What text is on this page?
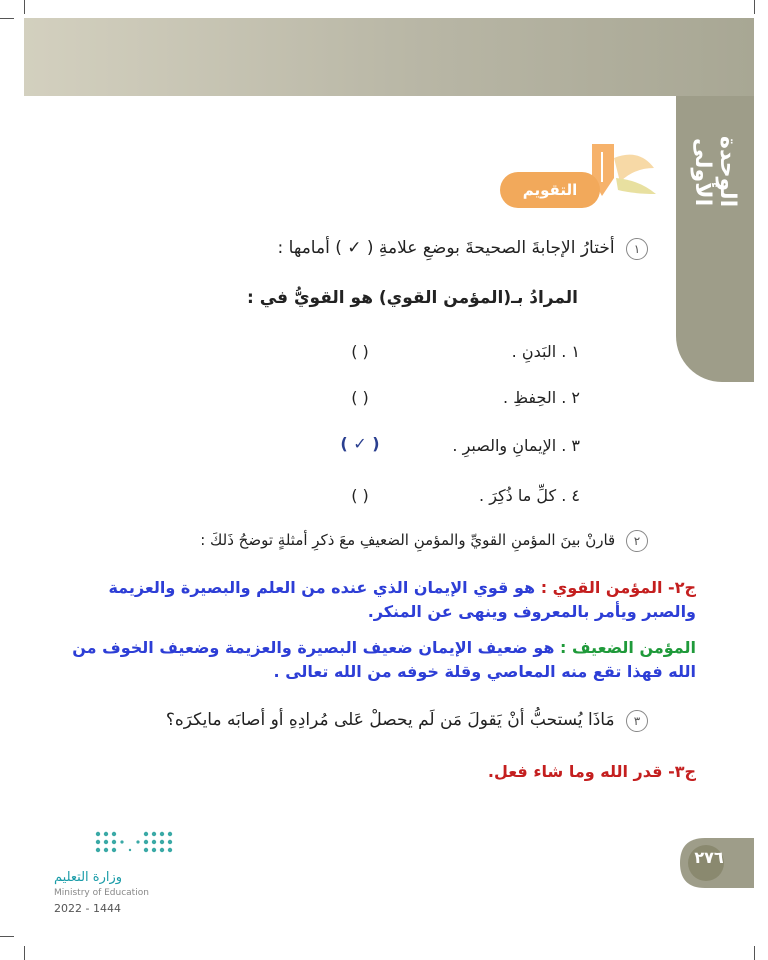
الوحدة الأولى
التقويم
١ أختارُ الإجابةَ الصحيحةَ بوضعِ علامةِ ( ✓ ) أمامها :
المرادُ بـ(المؤمن القوي) هو القويُّ في :
١ . البَدنِ .
( )
٢ . الحِفظِ .
( )
٣ . الإيمانِ والصبرِ .
( ✓ )
٤ . كلِّ ما ذُكِرَ .
( )
٢ قارنْ بينَ المؤمنِ القويِّ والمؤمنِ الضعيفِ معَ ذكرِ أمثلةٍ توضحُ ذَلكَ :
ج٢- المؤمن القوي : هو قوي الإيمان الذي عنده من العلم والبصيرة والعزيمة والصبر ويأمر بالمعروف وينهى عن المنكر.
المؤمن الضعيف : هو ضعيف الإيمان ضعيف البصيرة والعزيمة وضعيف الخوف من الله فهذا تقع منه المعاصي وقلة خوفه من الله تعالى .
٣ مَاذَا يُستحبُّ أنْ يَقولَ مَن لَم يحصلْ عَلى مُرادِهِ أو أصابَه مايكرَه؟
ج٣- قدر الله وما شاء فعل.
٢٧٦
وزارة التعليم
Ministry of Education
2022 - 1444
